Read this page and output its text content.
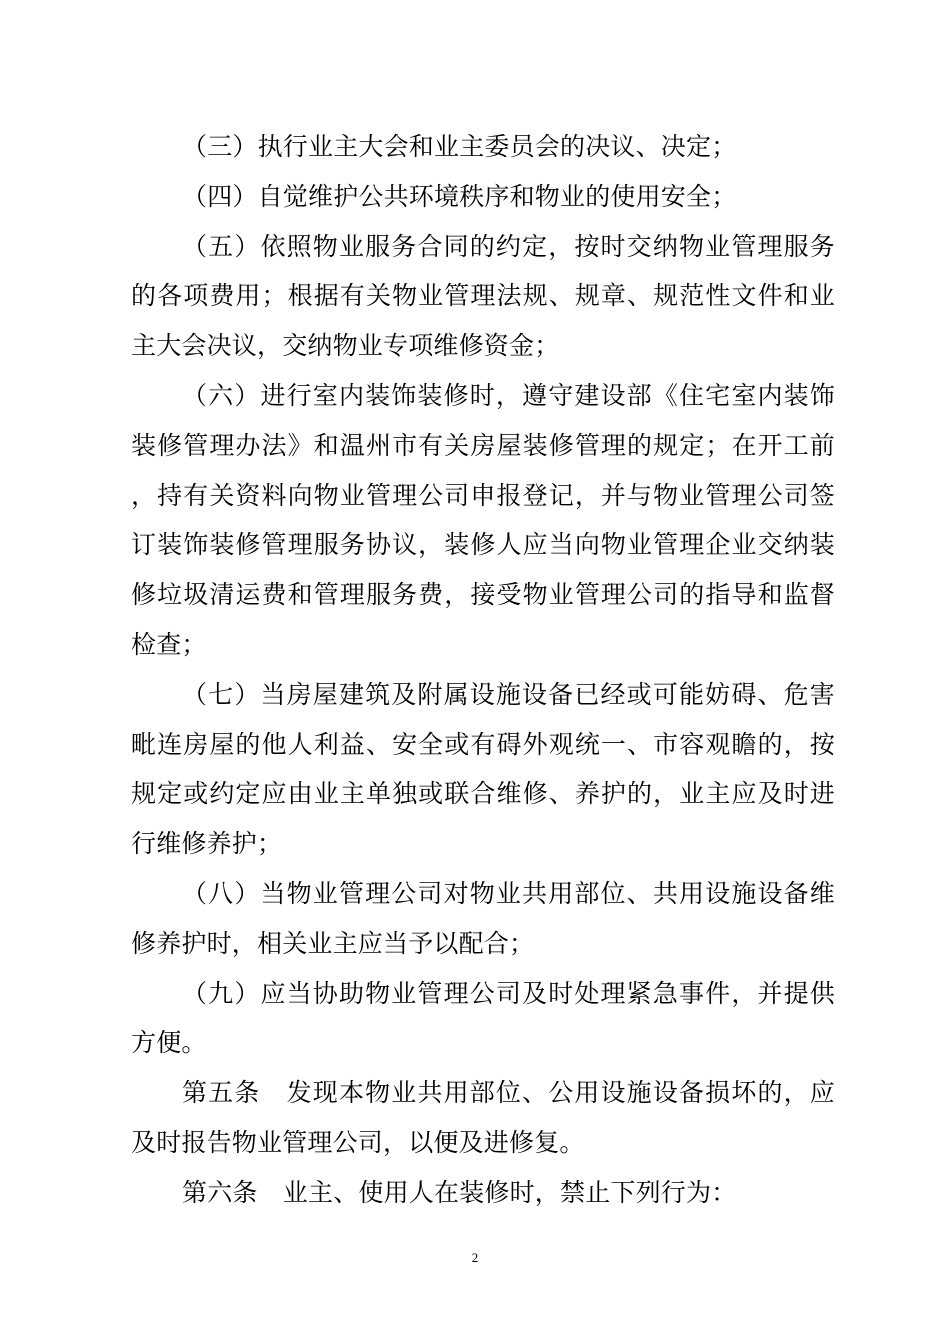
（三）执行业主大会和业主委员会的决议、决定；

（四）自觉维护公共环境秩序和物业的使用安全；

（五）依照物业服务合同的约定，按时交纳物业管理服务的各项费用；根据有关物业管理法规、规章、规范性文件和业主大会决议，交纳物业专项维修资金；

（六）进行室内装饰装修时，遵守建设部《住宅室内装饰装修管理办法》和温州市有关房屋装修管理的规定；在开工前，持有关资料向物业管理公司申报登记，并与物业管理公司签订装饰装修管理服务协议，装修人应当向物业管理企业交纳装修垃圾清运费和管理服务费，接受物业管理公司的指导和监督检查；

（七）当房屋建筑及附属设施设备已经或可能妨碍、危害毗连房屋的他人利益、安全或有碍外观统一、市容观瞻的，按规定或约定应由业主单独或联合维修、养护的，业主应及时进行维修养护；

（八）当物业管理公司对物业共用部位、共用设施设备维修养护时，相关业主应当予以配合；

（九）应当协助物业管理公司及时处理紧急事件，并提供方便。

第五条　发现本物业共用部位、公用设施设备损坏的，应及时报告物业管理公司，以便及进修复。

第六条　业主、使用人在装修时，禁止下列行为：

2
